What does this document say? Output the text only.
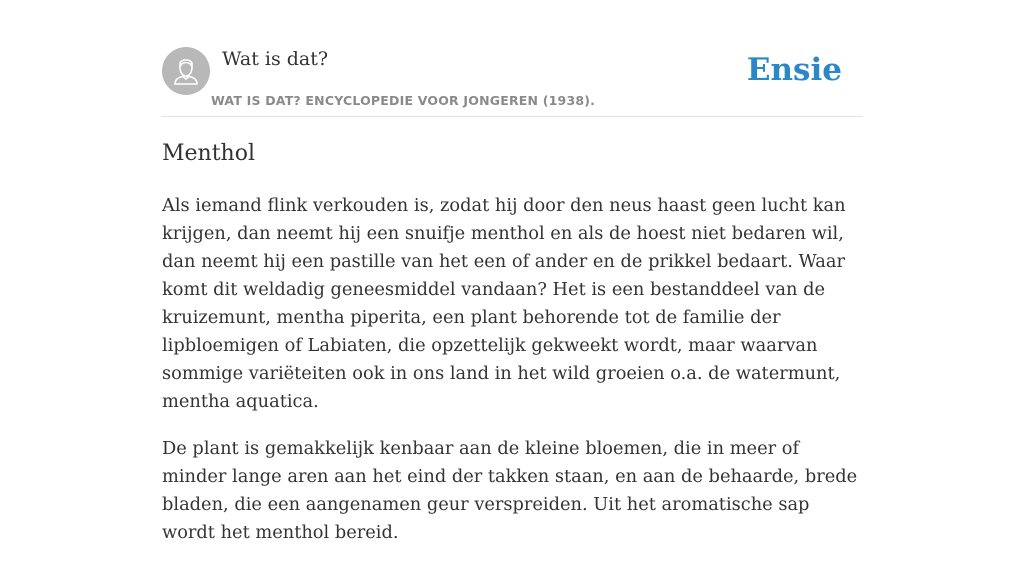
Wat is dat?
WAT IS DAT? ENCYCLOPEDIE VOOR JONGEREN (1938).
Ensie
Menthol

Als iemand flink verkouden is, zodat hij door den neus haast geen lucht kan krijgen, dan neemt hij een snuifje menthol en als de hoest niet bedaren wil, dan neemt hij een pastille van het een of ander en de prikkel bedaart. Waar komt dit weldadig geneesmiddel vandaan? Het is een bestanddeel van de kruizemunt, mentha piperita, een plant behorende tot de familie der lipbloemigen of Labiaten, die opzettelijk gekweekt wordt, maar waarvan sommige variëteiten ook in ons land in het wild groeien o.a. de watermunt, mentha aquatica.

De plant is gemakkelijk kenbaar aan de kleine bloemen, die in meer of minder lange aren aan het eind der takken staan, en aan de behaarde, brede bladen, die een aangenamen geur verspreiden. Uit het aromatische sap wordt het menthol bereid.
